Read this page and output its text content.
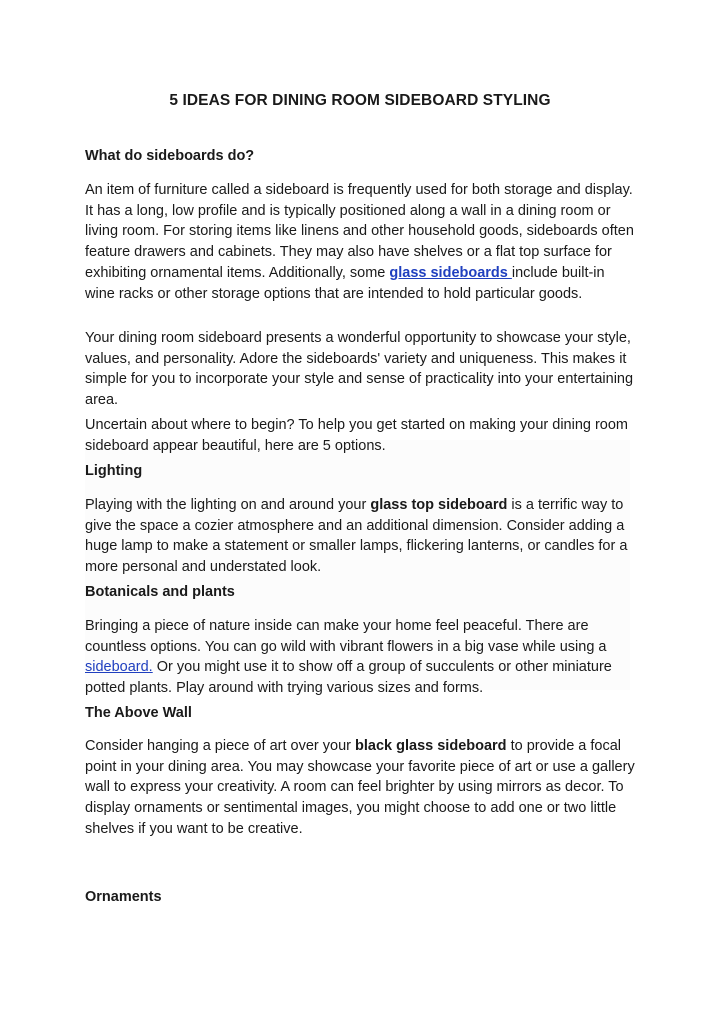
5 IDEAS FOR DINING ROOM SIDEBOARD STYLING
What do sideboards do?
An item of furniture called a sideboard is frequently used for both storage and display. It has a long, low profile and is typically positioned along a wall in a dining room or living room. For storing items like linens and other household goods, sideboards often feature drawers and cabinets. They may also have shelves or a flat top surface for exhibiting ornamental items. Additionally, some glass sideboards include built-in wine racks or other storage options that are intended to hold particular goods.
Your dining room sideboard presents a wonderful opportunity to showcase your style, values, and personality. Adore the sideboards' variety and uniqueness. This makes it simple for you to incorporate your style and sense of practicality into your entertaining area.
Uncertain about where to begin? To help you get started on making your dining room sideboard appear beautiful, here are 5 options.
Lighting
Playing with the lighting on and around your glass top sideboard is a terrific way to give the space a cozier atmosphere and an additional dimension. Consider adding a huge lamp to make a statement or smaller lamps, flickering lanterns, or candles for a more personal and understated look.
Botanicals and plants
Bringing a piece of nature inside can make your home feel peaceful. There are countless options. You can go wild with vibrant flowers in a big vase while using a sideboard. Or you might use it to show off a group of succulents or other miniature potted plants. Play around with trying various sizes and forms.
The Above Wall
Consider hanging a piece of art over your black glass sideboard to provide a focal point in your dining area. You may showcase your favorite piece of art or use a gallery wall to express your creativity. A room can feel brighter by using mirrors as decor. To display ornaments or sentimental images, you might choose to add one or two little shelves if you want to be creative.
Ornaments
